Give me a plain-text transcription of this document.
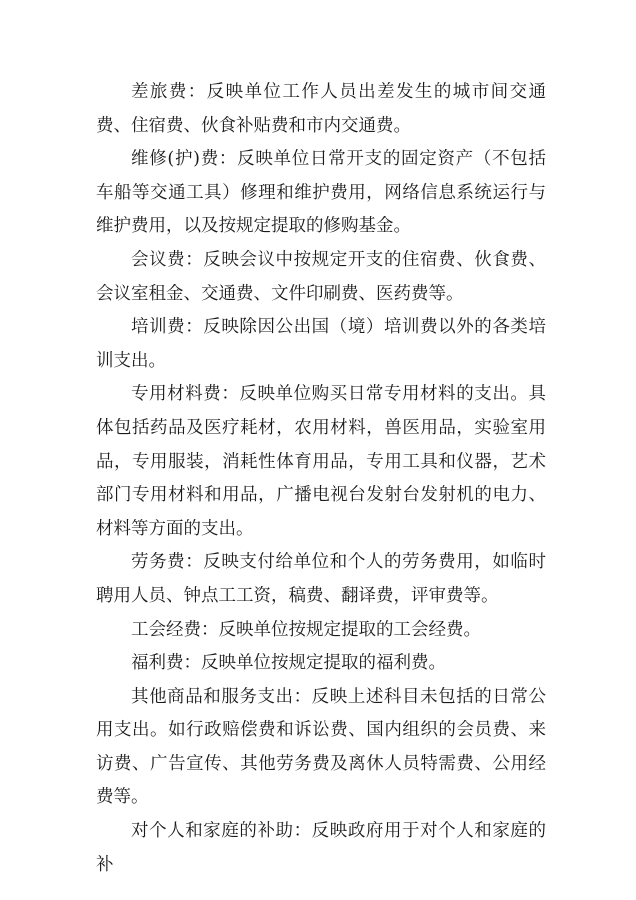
差旅费：反映单位工作人员出差发生的城市间交通费、住宿费、伙食补贴费和市内交通费。

维修(护)费：反映单位日常开支的固定资产（不包括车船等交通工具）修理和维护费用，网络信息系统运行与维护费用，以及按规定提取的修购基金。

会议费：反映会议中按规定开支的住宿费、伙食费、会议室租金、交通费、文件印刷费、医药费等。

培训费：反映除因公出国（境）培训费以外的各类培训支出。

专用材料费：反映单位购买日常专用材料的支出。具体包括药品及医疗耗材，农用材料，兽医用品，实验室用品，专用服装，消耗性体育用品，专用工具和仪器，艺术部门专用材料和用品，广播电视台发射台发射机的电力、材料等方面的支出。

劳务费：反映支付给单位和个人的劳务费用，如临时聘用人员、钟点工工资，稿费、翻译费，评审费等。

工会经费：反映单位按规定提取的工会经费。

福利费：反映单位按规定提取的福利费。

其他商品和服务支出：反映上述科目未包括的日常公用支出。如行政赔偿费和诉讼费、国内组织的会员费、来访费、广告宣传、其他劳务费及离休人员特需费、公用经费等。

对个人和家庭的补助：反映政府用于对个人和家庭的补
